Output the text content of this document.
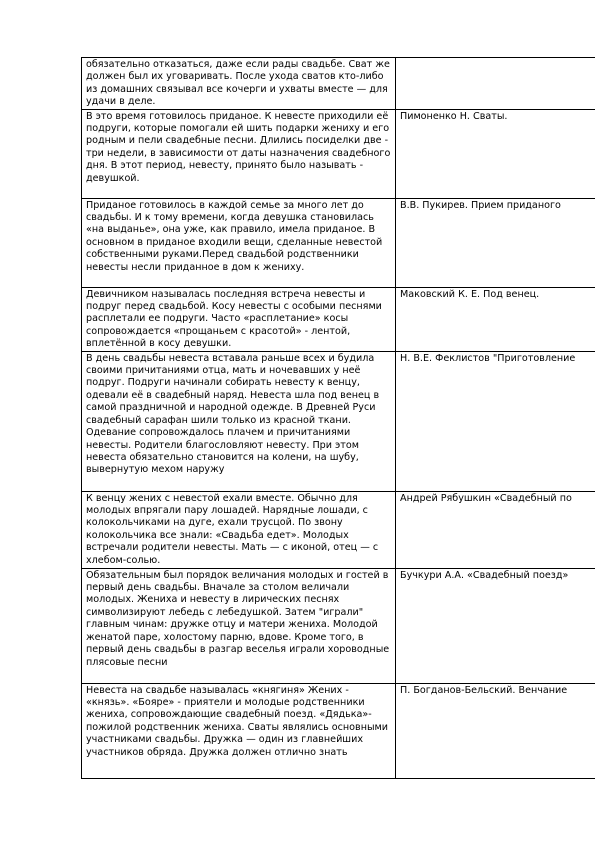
обязательно отказаться, даже если рады свадьбе. Сват же должен был их уговаривать. После ухода сватов кто-либо из домашних связывал все кочерги и ухваты вместе — для удачи в деле.	

В это время готовилось приданое. К невесте приходили её подруги, которые помогали ей шить подарки жениху и его родным и пели свадебные песни. Длились посиделки две - три недели, в зависимости от даты назначения свадебного дня. В этот период, невесту, принято было называть - девушкой.	Пимоненко Н. Сваты.

Приданое готовилось в каждой семье за много лет до свадьбы. И к тому времени, когда девушка становилась «на выданье», она уже, как правило, имела приданое. В основном в приданое входили вещи, сделанные невестой собственными руками.Перед свадьбой родственники невесты несли приданное в дом к жениху.	В.В. Пукирев. Прием приданого

Девичником называлась последняя встреча невесты и подруг перед свадьбой. Косу невесты с особыми песнями расплетали ее подруги. Часто «расплетание» косы сопровождается «прощаньем с красотой» - лентой, вплетённой в косу девушки.	Маковский К. Е. Под венец.

В день свадьбы невеста вставала раньше всех и будила своими причитаниями отца, мать и ночевавших у неё подруг. Подруги начинали собирать невесту к венцу, одевали её в свадебный наряд. Невеста шла под венец в самой праздничной и народной одежде. В Древней Руси свадебный сарафан шили только из красной ткани. Одевание сопровождалось плачем и причитаниями невесты. Родители благословляют невесту. При этом невеста обязательно становится на колени, на шубу, вывернутую мехом наружу	Н. В.Е. Феклистов "Приготовление

К венцу жених с невестой ехали вместе. Обычно для молодых впрягали пару лошадей. Нарядные лошади, с колокольчиками на дуге, ехали трусцой. По звону колокольчика все знали: «Свадьба едет». Молодых встречали родители невесты. Мать — с иконой, отец — с хлебом-солью.	Андрей Рябушкин «Свадебный по

Обязательным был порядок величания молодых и гостей в первый день свадьбы. Вначале за столом величали молодых. Жениха и невесту в лирических песнях символизируют лебедь с лебедушкой. Затем "играли" главным чинам: дружке отцу и матери жениха. Молодой женатой паре, холостому парню, вдове. Кроме того, в первый день свадьбы в разгар веселья играли хороводные плясовые песни	Бучкури А.А. «Свадебный поезд»

Невеста на свадьбе называлась «княгиня» Жених - «князь». «Бояре» - приятели и молодые родственники жениха, сопровождающие свадебный поезд. «Дядька»- пожилой родственник жениха. Сваты являлись основными участниками свадьбы. Дружка — один из главнейших участников обряда. Дружка должен отлично знать	П. Богданов-Бельский. Венчание
